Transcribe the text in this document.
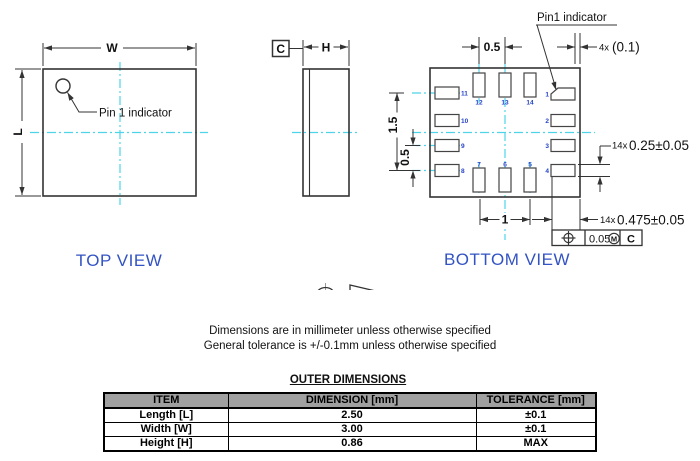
W
L
Pin 1 indicator
TOP VIEW
H
C
11
10
9
8
1
2
3
4
12	13	14
7	6	5
0.5	4x (0.1)
Pin1 indicator
1.5
0.5
14x 0.25±0.05
14x 0.475±0.05
1
0.05 M C
BOTTOM VIEW
Dimensions are in millimeter unless otherwise specified
General tolerance is +/-0.1mm unless otherwise specified
OUTER DIMENSIONS
ITEM	DIMENSION [mm]	TOLERANCE [mm]
Length [L]	2.50	±0.1
Width [W]	3.00	±0.1
Height [H]	0.86	MAX
